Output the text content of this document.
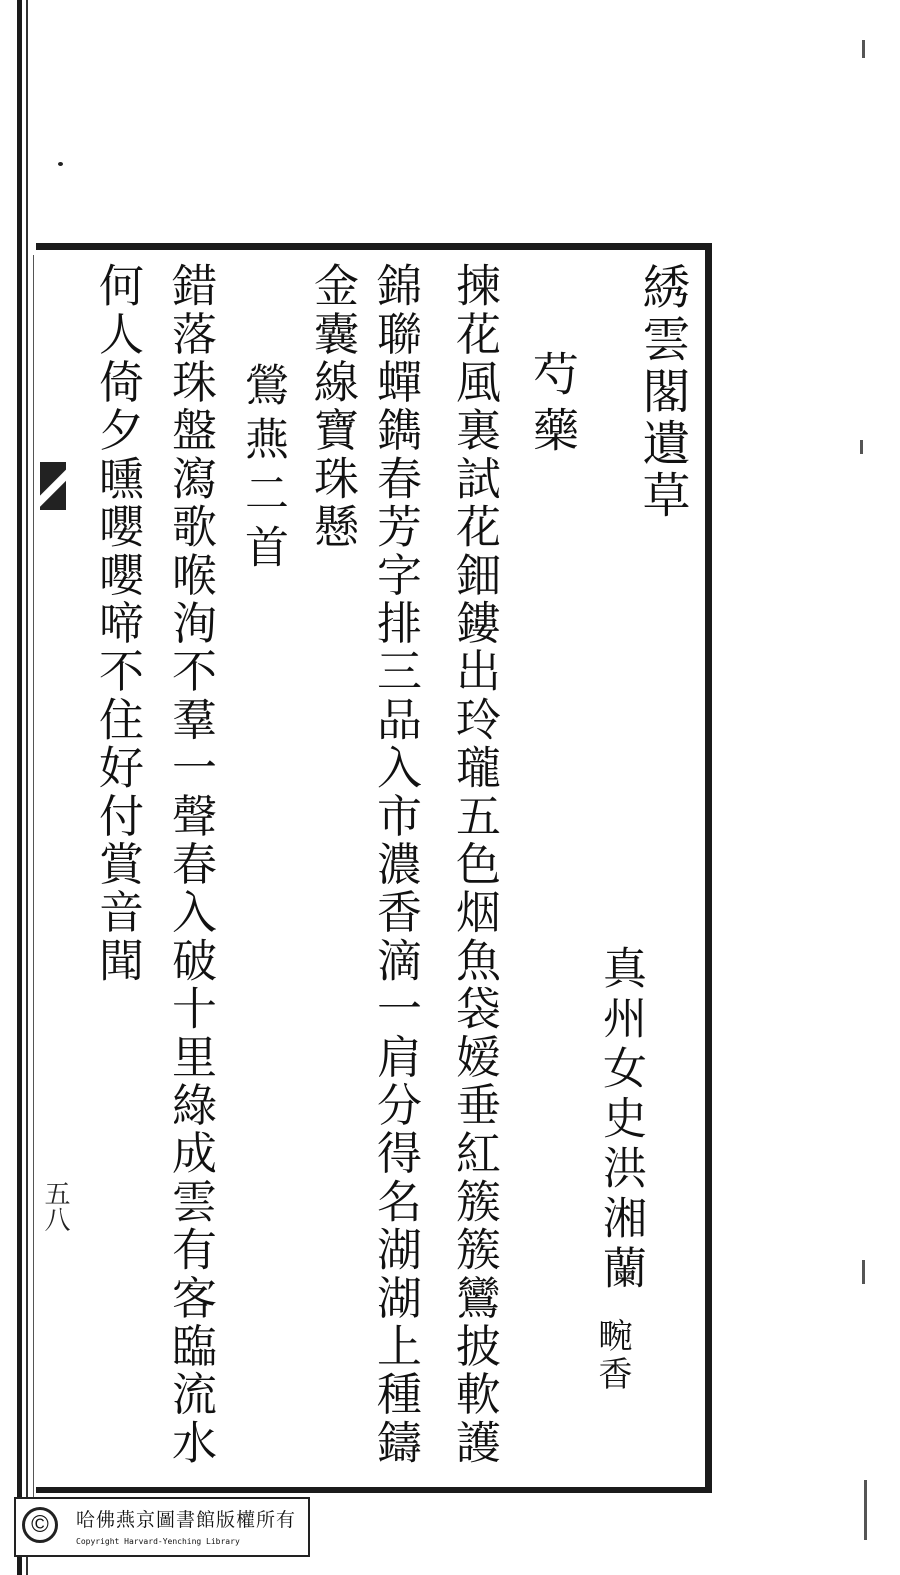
五八
綉雲閣遺草
真州女史洪湘蘭
畹香
芍藥
揀花風裏試花鈿鏤出玲瓏五色烟魚袋嫒垂紅簇簇鸞披軟護
錦聯蟬鐫春芳字排三品入市濃香滴一肩分得名湖湖上種鑄
金囊線寶珠懸
鶯燕二首
錯落珠盤瀉歌喉洵不羣一聲春入破十里綠成雲有客臨流水
何人倚夕曛嚶嚶啼不住好付賞音聞
©	哈佛燕京圖書館版權所有
Copyright Harvard-Yenching Library
